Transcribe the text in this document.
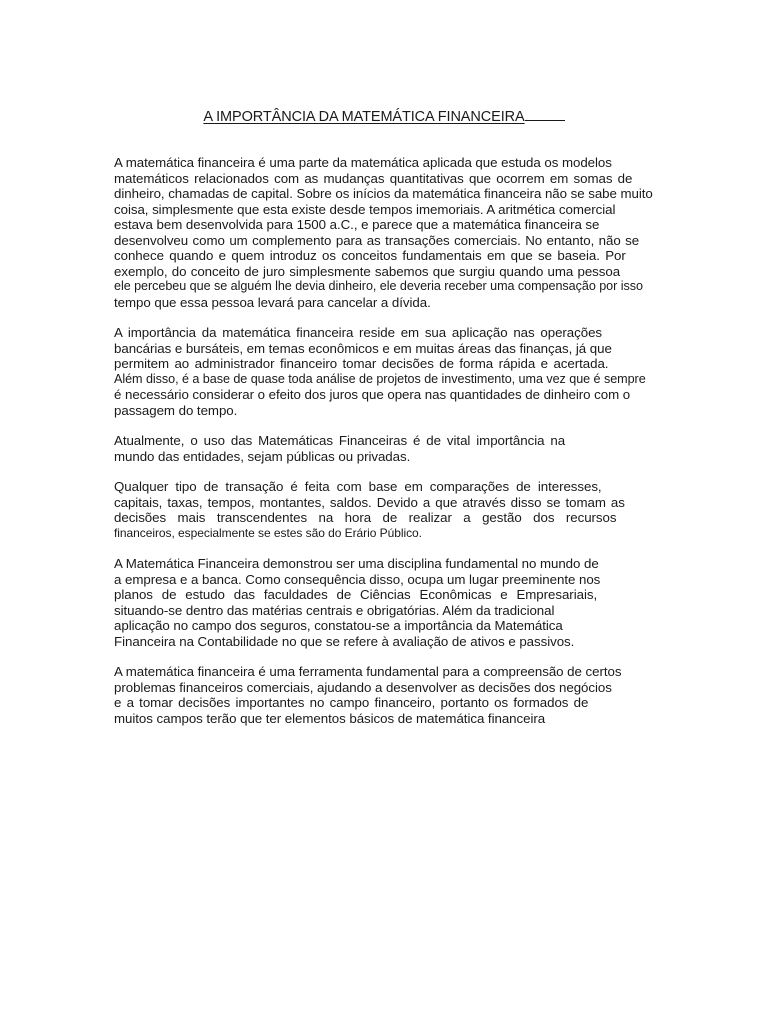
A IMPORTÂNCIA DA MATEMÁTICA FINANCEIRA

A matemática financeira é uma parte da matemática aplicada que estuda os modelos
matemáticos relacionados com as mudanças quantitativas que ocorrem em somas de
dinheiro, chamadas de capital. Sobre os inícios da matemática financeira não se sabe muito
coisa, simplesmente que esta existe desde tempos imemoriais. A aritmética comercial
estava bem desenvolvida para 1500 a.C., e parece que a matemática financeira se
desenvolveu como um complemento para as transações comerciais. No entanto, não se
conhece quando e quem introduz os conceitos fundamentais em que se baseia. Por
exemplo, do conceito de juro simplesmente sabemos que surgiu quando uma pessoa
ele percebeu que se alguém lhe devia dinheiro, ele deveria receber uma compensação por isso
tempo que essa pessoa levará para cancelar a dívida.

A importância da matemática financeira reside em sua aplicação nas operações
bancárias e bursáteis, em temas econômicos e em muitas áreas das finanças, já que
permitem ao administrador financeiro tomar decisões de forma rápida e acertada.
Além disso, é a base de quase toda análise de projetos de investimento, uma vez que é sempre
é necessário considerar o efeito dos juros que opera nas quantidades de dinheiro com o
passagem do tempo.

Atualmente, o uso das Matemáticas Financeiras é de vital importância na
mundo das entidades, sejam públicas ou privadas.

Qualquer tipo de transação é feita com base em comparações de interesses,
capitais, taxas, tempos, montantes, saldos. Devido a que através disso se tomam as
decisões mais transcendentes na hora de realizar a gestão dos recursos
financeiros, especialmente se estes são do Erário Público.

A Matemática Financeira demonstrou ser uma disciplina fundamental no mundo de
a empresa e a banca. Como consequência disso, ocupa um lugar preeminente nos
planos de estudo das faculdades de Ciências Econômicas e Empresariais,
situando-se dentro das matérias centrais e obrigatórias. Além da tradicional
aplicação no campo dos seguros, constatou-se a importância da Matemática
Financeira na Contabilidade no que se refere à avaliação de ativos e passivos.

A matemática financeira é uma ferramenta fundamental para a compreensão de certos
problemas financeiros comerciais, ajudando a desenvolver as decisões dos negócios
e a tomar decisões importantes no campo financeiro, portanto os formados de
muitos campos terão que ter elementos básicos de matemática financeira
